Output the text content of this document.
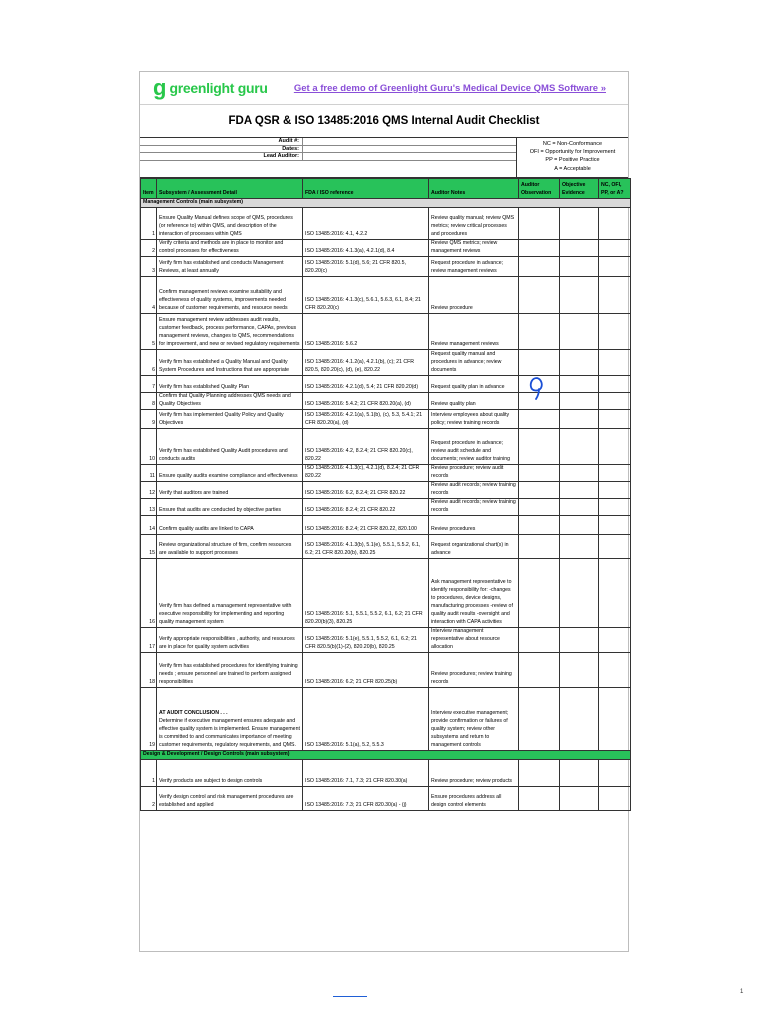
g greenlight guru	Get a free demo of Greenlight Guru's Medical Device QMS Software »
FDA QSR & ISO 13485:2016 QMS Internal Audit Checklist
Audit #:
Dates:
Lead Auditor:
NC = Non-Conformance
OFI = Opportunity for Improvement
PP = Positive Practice
A = Acceptable
Item	Subsystem / Assessment Detail	FDA / ISO reference	Auditor Notes	Auditor Observation	Objective Evidence	NC, OFI, PP, or A?
Management Controls (main subsystem)						
1	Ensure Quality Manual defines scope of QMS, procedures (or reference to) within QMS, and description of the interaction of processes within QMS	ISO 13485:2016: 4.1, 4.2.2	Review quality manual; review QMS metrics; review critical processes and procedures			
2	Verify criteria and methods are in place to monitor and control processes for effectiveness	ISO 13485:2016: 4.1.3(a), 4.2.1(d), 8.4	Review QMS metrics; review management reviews			
3	Verify firm has established and conducts Management Reviews, at least annually	ISO 13485:2016: 5.1(d), 5.6; 21 CFR 820.5, 820.20(c)	Request procedure in advance; review management reviews			
4	Confirm management reviews examine suitability and effectiveness of quality systems, improvements needed because of customer requirements, and resource needs	ISO 13485:2016: 4.1.3(c), 5.6.1, 5.6.3, 6.1, 8.4; 21 CFR 820.20(c)	Review procedure			
5	Ensure management review addresses audit results, customer feedback, process performance, CAPAs, previous management reviews, changes to QMS, recommendations for improvement, and new or revised regulatory requirements	ISO 13485:2016: 5.6.2	Review management reviews			
6	Verify firm has established a Quality Manual and Quality System Procedures and Instructions that are appropriate	ISO 13485:2016: 4.1.2(a), 4.2.1(b), (c); 21 CFR 820.5, 820.20(c), (d), (e), 820.22	Request quality manual and procedures in advance; review documents			
7	Verify firm has established Quality Plan	ISO 13485:2016: 4.2.1(d), 5.4; 21 CFR 820.20(d)	Request quality plan in advance			
8	Confirm that Quality Planning addresses QMS needs and Quality Objectives	ISO 13485:2016: 5.4.2; 21 CFR 820.20(a), (d)	Review quality plan			
9	Verify firm has implemented Quality Policy and Quality Objectives	ISO 13485:2016: 4.2.1(a), 5.1(b), (c), 5.3, 5.4.1; 21 CFR 820.20(a), (d)	Interview employees about quality policy; review training records			
10	Verify firm has established Quality Audit procedures and conducts audits	ISO 13485:2016: 4.2, 8.2.4; 21 CFR 820.20(c), 820.22	Request procedure in advance; review audit schedule and documents; review auditor training			
11	Ensure quality audits examine compliance and effectiveness	ISO 13485:2016: 4.1.3(c), 4.2.1(d), 8.2.4; 21 CFR 820.22	Review procedure; review audit records			
12	Verify that auditors are trained	ISO 13485:2016: 6.2, 8.2.4; 21 CFR 820.22	Review audit records; review training records			
13	Ensure that audits are conducted by objective parties	ISO 13485:2016: 8.2.4; 21 CFR 820.22	Review audit records; review training records			
14	Confirm quality audits are linked to CAPA	ISO 13485:2016: 8.2.4; 21 CFR 820.22, 820.100	Review procedures			
15	Review organizational structure of firm, confirm resources are available to support processes	ISO 13485:2016: 4.1.3(b), 5.1(e), 5.5.1, 5.5.2, 6.1, 6.2; 21 CFR 820.20(b), 820.25	Request organizational chart(s) in advance			
16	Verify firm has defined a management representative with executive responsibility for implementing and reporting quality management system	ISO 13485:2016: 5.1, 5.5.1, 5.5.2, 6.1, 6.2; 21 CFR 820.20(b)(3), 820.25	Ask management representative to identify responsibility for: -changes to procedures, device designs, manufacturing processes -review of quality audit results -oversight and interaction with CAPA activities			
17	Verify appropriate responsibilities , authority, and resources are in place for quality system activities	ISO 13485:2016: 5.1(e), 5.5.1, 5.5.2, 6.1, 6.2; 21 CFR 820.5(b)(1)-(2), 820.20(b), 820.25	Interview management representative about resource allocation			
18	Verify firm has established procedures for identifying training needs ; ensure personnel are trained to perform assigned responsibilities	ISO 13485:2016: 6.2; 21 CFR 820.25(b)	Review procedures; review training records			
19	AT AUDIT CONCLUSION . . .
Determine if executive management ensures adequate and effective quality system is implemented. Ensure management is committed to and communicates importance of meeting customer requirements, regulatory requirements, and QMS.	ISO 13485:2016: 5.1(a), 5.2, 5.5.3	Interview executive management; provide confirmation or failures of quality system; review other subsystems and return to management controls			
Design & Development / Design Controls (main subsystem)						
1	Verify products are subject to design controls	ISO 13485:2016: 7.1, 7.3; 21 CFR 820.30(a)	Review procedure; review products			
2	Verify design control and risk management procedures are established and applied	ISO 13485:2016: 7.3; 21 CFR 820.30(a) - (j)	Ensure procedures address all design control elements			
1
